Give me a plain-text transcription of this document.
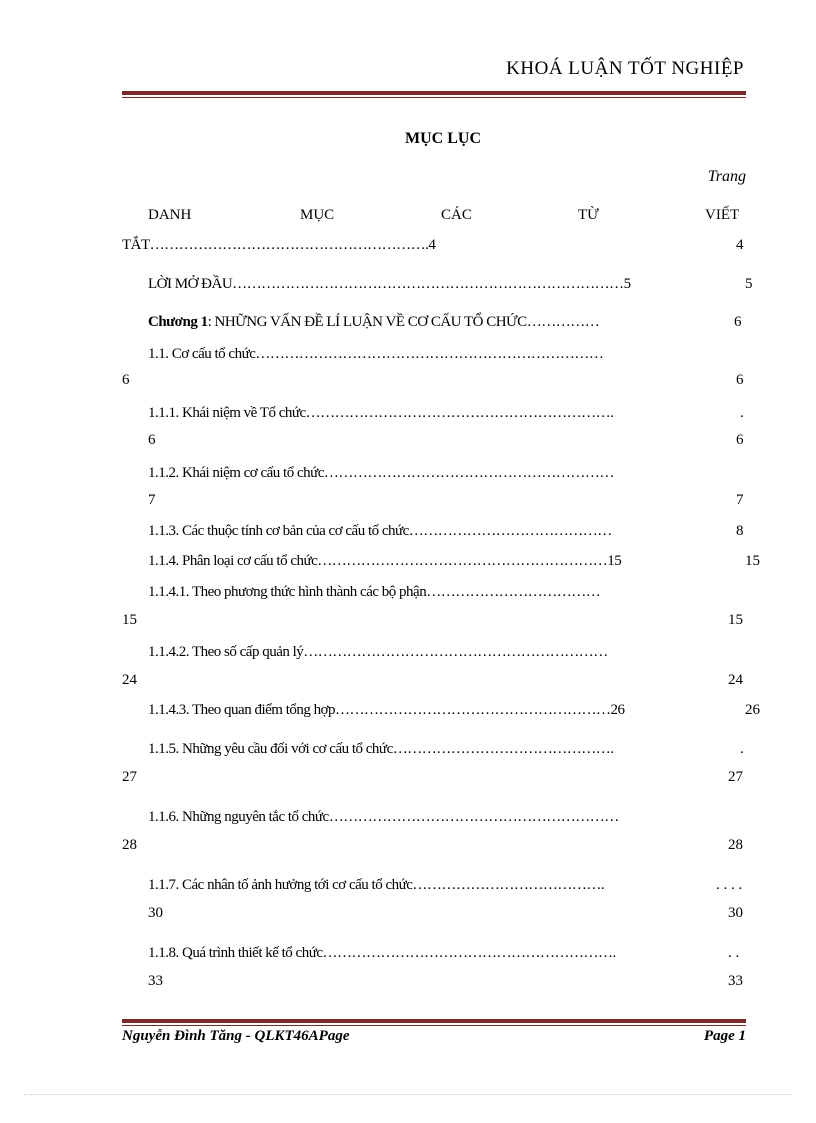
KHOÁ LUẬN TỐT NGHIỆP
MỤC LỤC
Trang
DANH	MỤC	CÁC	TỪ	VIẾT
TẮT………………………………………………….4	4
LỜI MỞ ĐẦU………………………………………………………………………5	5
Chương 1: NHỮNG VẤN ĐỀ LÍ LUẬN VỀ CƠ CẤU TỔ CHỨC……………	6
1.1. Cơ cấu tổ chức………………………………………………………………
6	6
1.1.1. Khái niệm về Tổ chức……………………………………………………….	.
6	6
1.1.2. Khái niệm cơ cấu tổ chức……………………………………………………
7	7
1.1.3. Các thuộc tính cơ bản của cơ cấu tổ chức……………………………………	8
1.1.4. Phân loại cơ cấu tổ chức……………………………………………………15	15
1.1.4.1. Theo phương thức hình thành các bộ phận………………………………
15	15
1.1.4.2. Theo số cấp quản lý………………………………………………………
24	24
1.1.4.3. Theo quan điểm tổng hợp…………………………………………………26	26
1.1.5. Những yêu cầu đối với cơ cấu tổ chức……………………………………….	.
27	27
1.1.6. Những nguyên tắc tổ chức……………………………………………………
28	28
1.1.7. Các nhân tố ảnh hưởng tới cơ cấu tổ chức………………………………….	. . . .
30	30
1.1.8. Quá trình thiết kế tổ chức…………………………………………………….	. .
33	33
Nguyễn Đình Tăng - QLKT46APage	Page 1
